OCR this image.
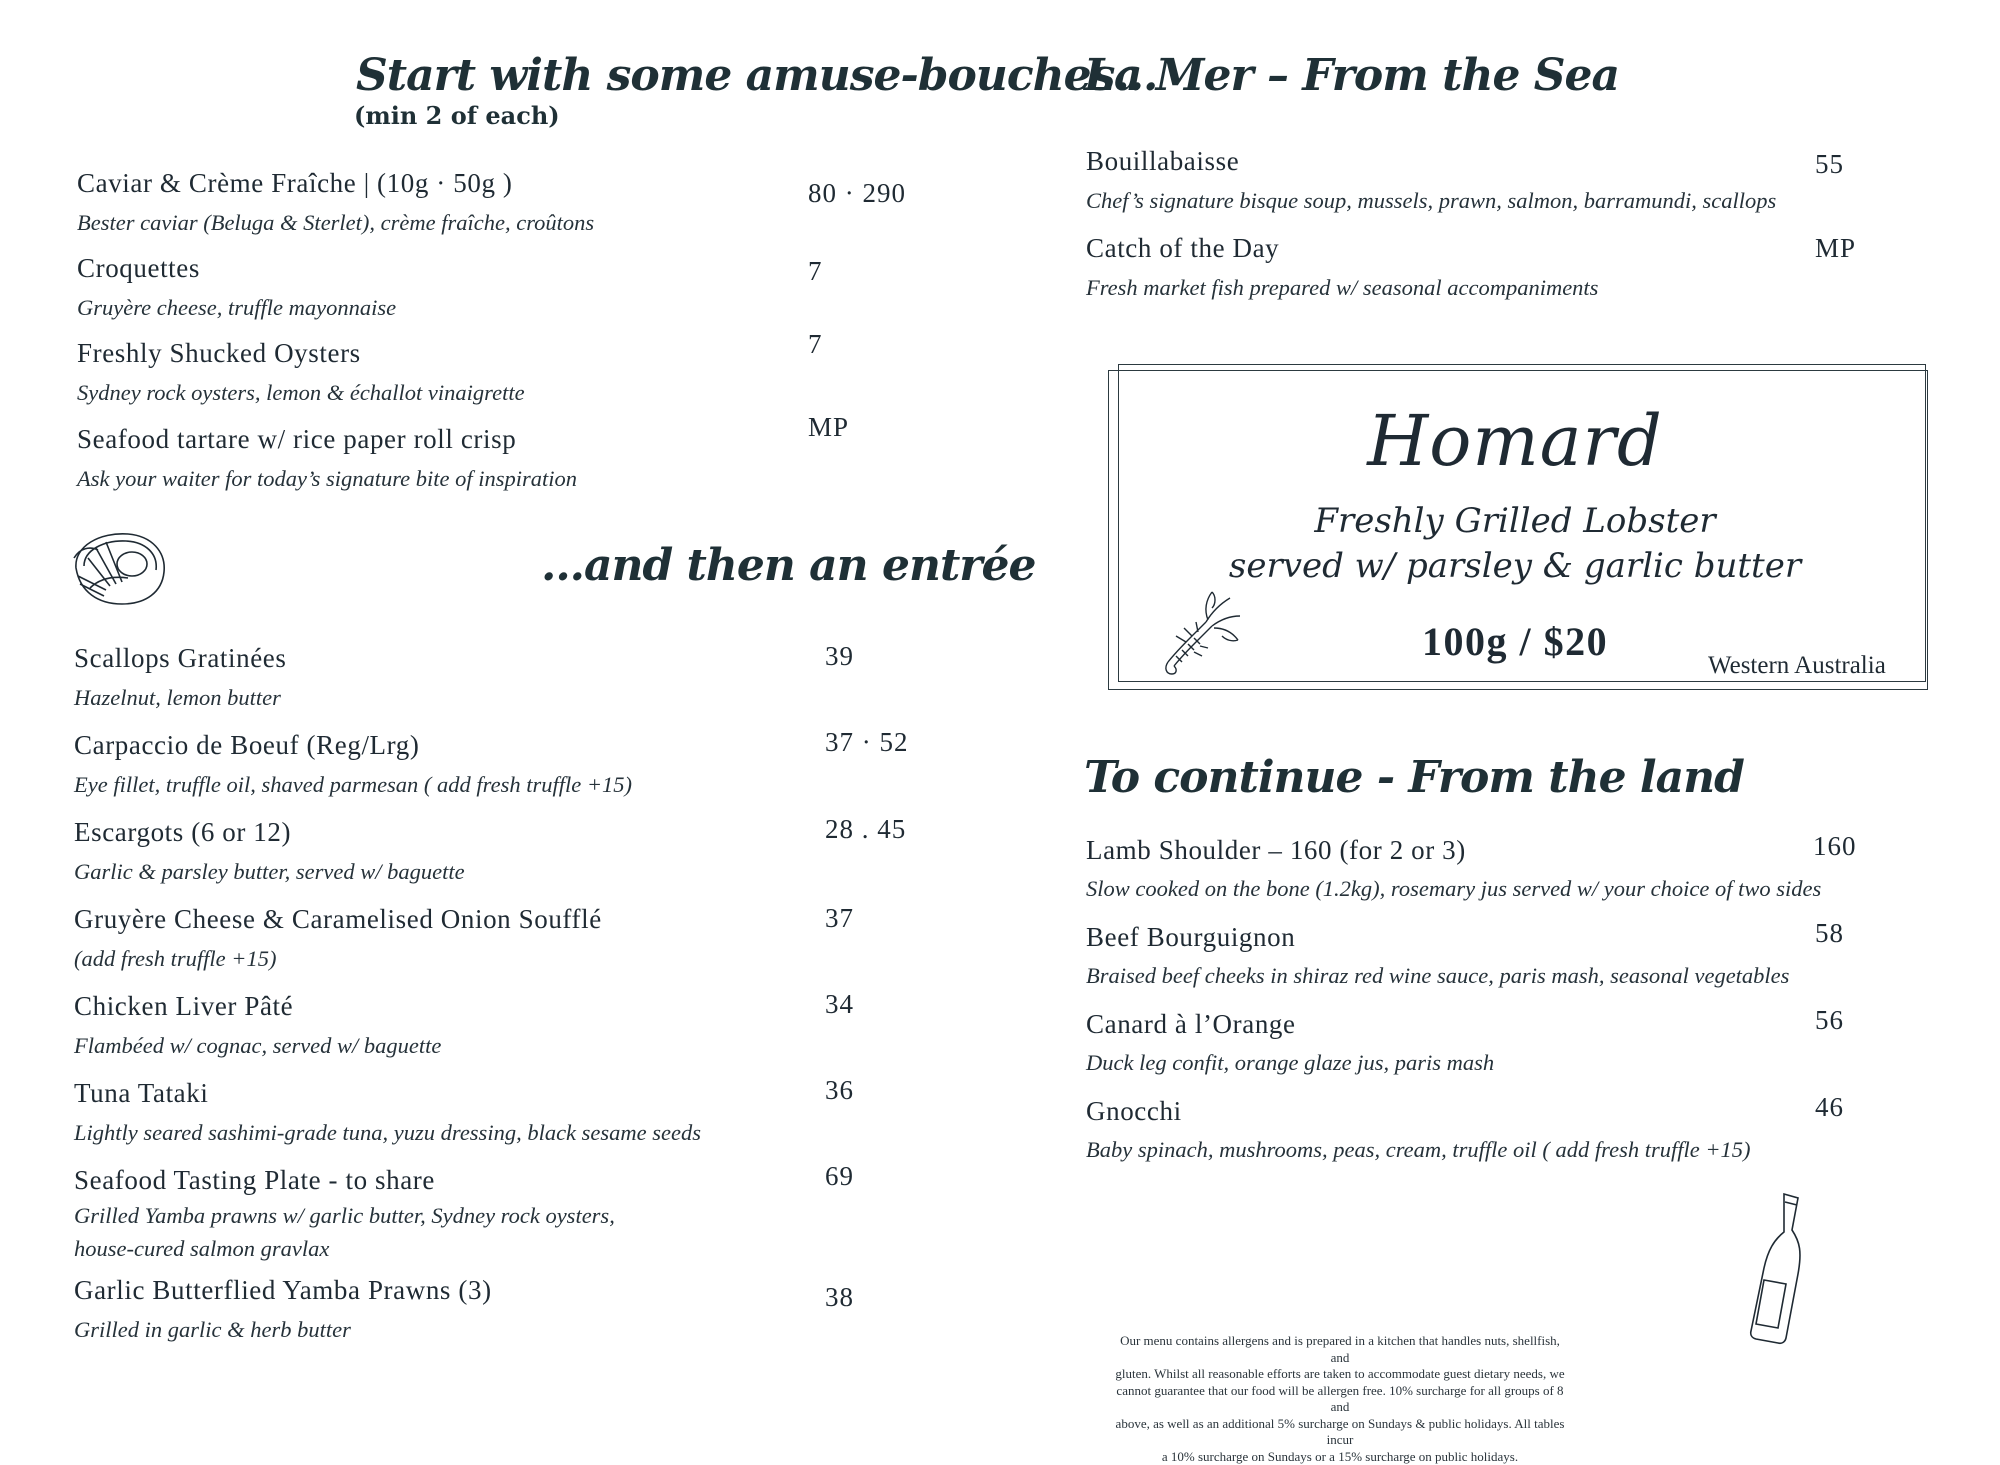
Start with some amuse-bouches...
(min 2 of each)
Caviar & Crème Fraîche | (10g · 50g )
Bester caviar (Beluga & Sterlet), crème fraîche, croûtons
80 · 290
Croquettes
Gruyère cheese, truffle mayonnaise
7
Freshly Shucked Oysters
Sydney rock oysters, lemon & échallot vinaigrette
7
Seafood tartare w/ rice paper roll crisp
Ask your waiter for today’s signature bite of inspiration
MP
...and then an entrée
Scallops Gratinées
Hazelnut, lemon butter
39
Carpaccio de Boeuf (Reg/Lrg)
Eye fillet, truffle oil, shaved parmesan ( add fresh truffle +15)
37 · 52
Escargots (6 or 12)
Garlic & parsley butter, served w/ baguette
28 . 45
Gruyère Cheese & Caramelised Onion Soufflé
(add fresh truffle +15)
37
Chicken Liver Pâté
Flambéed w/ cognac, served w/ baguette
34
Tuna Tataki
Lightly seared sashimi-grade tuna, yuzu dressing, black sesame seeds
36
Seafood Tasting Plate - to share
Grilled Yamba prawns w/ garlic butter, Sydney rock oysters,
house-cured salmon gravlax
69
Garlic Butterflied Yamba Prawns (3)
Grilled in garlic & herb butter
38
La Mer – From the Sea
Bouillabaisse
Chef’s signature bisque soup, mussels, prawn, salmon, barramundi, scallops
55
Catch of the Day
Fresh market fish prepared w/ seasonal accompaniments
MP
Homard
Freshly Grilled Lobster
served w/ parsley & garlic butter
100g / $20
Western Australia
To continue - From the land
Lamb Shoulder – 160 (for 2 or 3)
Slow cooked on the bone (1.2kg), rosemary jus served w/ your choice of two sides
160
Beef Bourguignon
Braised beef cheeks in shiraz red wine sauce, paris mash, seasonal vegetables
58
Canard à l’Orange
Duck leg confit, orange glaze jus, paris mash
56
Gnocchi
Baby spinach, mushrooms, peas, cream, truffle oil ( add fresh truffle +15)
46
Our menu contains allergens and is prepared in a kitchen that handles nuts, shellfish, and
gluten. Whilst all reasonable efforts are taken to accommodate guest dietary needs, we
cannot guarantee that our food will be allergen free. 10% surcharge for all groups of 8 and
above, as well as an additional 5% surcharge on Sundays & public holidays. All tables incur
a 10% surcharge on Sundays or a 15% surcharge on public holidays.
